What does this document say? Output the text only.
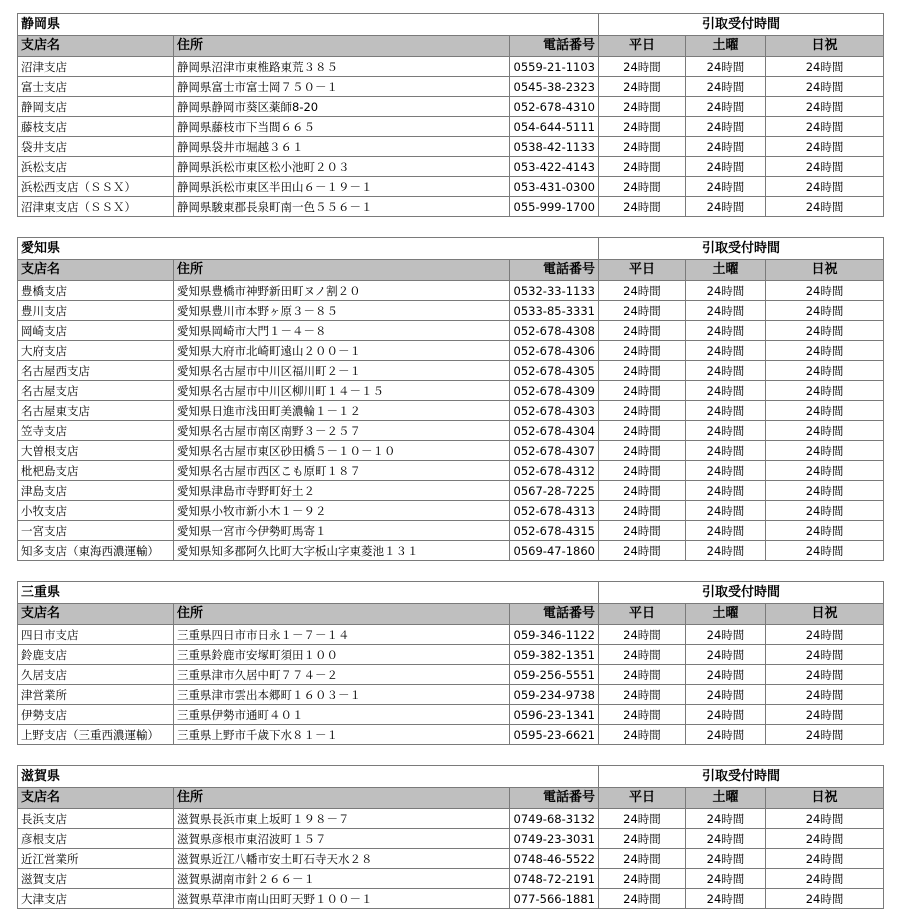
静岡県			引取受付時間		
支店名	住所	電話番号	平日	土曜	日祝
沼津支店	静岡県沼津市東椎路東荒３８５	0559-21-1103	24時間	24時間	24時間
富士支店	静岡県富士市富士岡７５０－１	0545-38-2323	24時間	24時間	24時間
静岡支店	静岡県静岡市葵区薬師8-20	052-678-4310	24時間	24時間	24時間
藤枝支店	静岡県藤枝市下当間６６５	054-644-5111	24時間	24時間	24時間
袋井支店	静岡県袋井市堀越３６１	0538-42-1133	24時間	24時間	24時間
浜松支店	静岡県浜松市東区松小池町２０３	053-422-4143	24時間	24時間	24時間
浜松西支店（ＳＳＸ）	静岡県浜松市東区半田山６－１９－１	053-431-0300	24時間	24時間	24時間
沼津東支店（ＳＳＸ）	静岡県駿東郡長泉町南一色５５６－１	055-999-1700	24時間	24時間	24時間
愛知県			引取受付時間		
支店名	住所	電話番号	平日	土曜	日祝
豊橋支店	愛知県豊橋市神野新田町ヌノ割２０	0532-33-1133	24時間	24時間	24時間
豊川支店	愛知県豊川市本野ヶ原３－８５	0533-85-3331	24時間	24時間	24時間
岡崎支店	愛知県岡崎市大門１－４－８	052-678-4308	24時間	24時間	24時間
大府支店	愛知県大府市北崎町遠山２００－１	052-678-4306	24時間	24時間	24時間
名古屋西支店	愛知県名古屋市中川区福川町２－１	052-678-4305	24時間	24時間	24時間
名古屋支店	愛知県名古屋市中川区柳川町１４－１５	052-678-4309	24時間	24時間	24時間
名古屋東支店	愛知県日進市浅田町美濃輪１－１２	052-678-4303	24時間	24時間	24時間
笠寺支店	愛知県名古屋市南区南野３－２５７	052-678-4304	24時間	24時間	24時間
大曽根支店	愛知県名古屋市東区砂田橋５－１０－１０	052-678-4307	24時間	24時間	24時間
枇杷島支店	愛知県名古屋市西区こも原町１８７	052-678-4312	24時間	24時間	24時間
津島支店	愛知県津島市寺野町好土２	0567-28-7225	24時間	24時間	24時間
小牧支店	愛知県小牧市新小木１－９２	052-678-4313	24時間	24時間	24時間
一宮支店	愛知県一宮市今伊勢町馬寄１	052-678-4315	24時間	24時間	24時間
知多支店（東海西濃運輸）	愛知県知多郡阿久比町大字板山字東菱池１３１	0569-47-1860	24時間	24時間	24時間
三重県			引取受付時間		
支店名	住所	電話番号	平日	土曜	日祝
四日市支店	三重県四日市市日永１－７－１４	059-346-1122	24時間	24時間	24時間
鈴鹿支店	三重県鈴鹿市安塚町須田１００	059-382-1351	24時間	24時間	24時間
久居支店	三重県津市久居中町７７４－２	059-256-5551	24時間	24時間	24時間
津営業所	三重県津市雲出本郷町１６０３－１	059-234-9738	24時間	24時間	24時間
伊勢支店	三重県伊勢市通町４０１	0596-23-1341	24時間	24時間	24時間
上野支店（三重西濃運輸）	三重県上野市千歳下水８１－１	0595-23-6621	24時間	24時間	24時間
滋賀県			引取受付時間		
支店名	住所	電話番号	平日	土曜	日祝
長浜支店	滋賀県長浜市東上坂町１９８－７	0749-68-3132	24時間	24時間	24時間
彦根支店	滋賀県彦根市東沼波町１５７	0749-23-3031	24時間	24時間	24時間
近江営業所	滋賀県近江八幡市安土町石寺天水２８	0748-46-5522	24時間	24時間	24時間
滋賀支店	滋賀県湖南市針２６６－１	0748-72-2191	24時間	24時間	24時間
大津支店	滋賀県草津市南山田町天野１００－１	077-566-1881	24時間	24時間	24時間
